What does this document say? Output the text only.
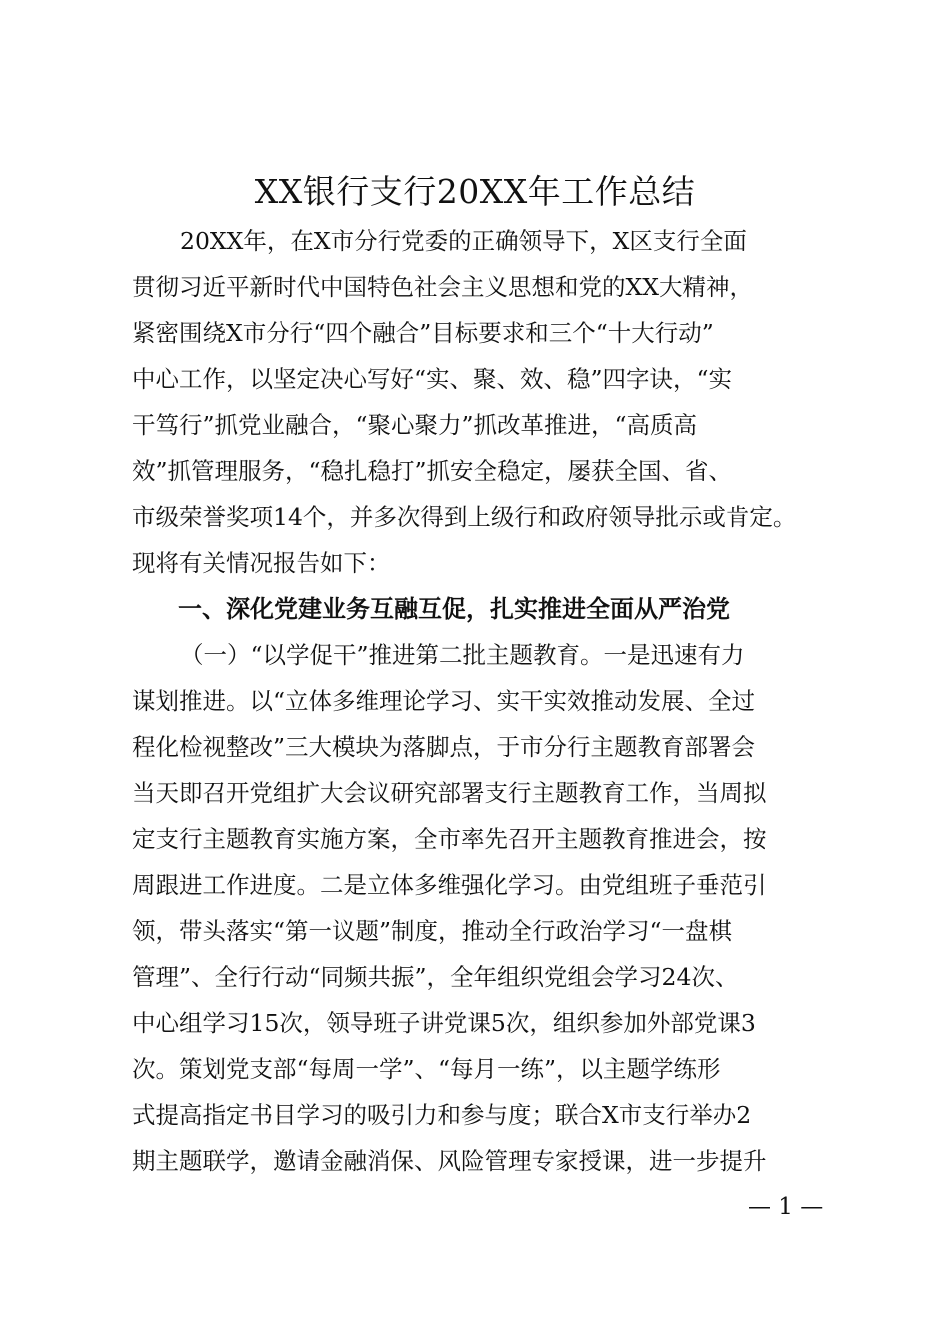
XX银行支行20XX年工作总结
20XX年，在X市分行党委的正确领导下，X区支行全面
贯彻习近平新时代中国特色社会主义思想和党的XX大精神，
紧密围绕X市分行“四个融合”目标要求和三个“十大行动”
中心工作，以坚定决心写好“实、聚、效、稳”四字诀，“实
干笃行”抓党业融合，“聚心聚力”抓改革推进，“高质高
效”抓管理服务，“稳扎稳打”抓安全稳定，屡获全国、省、
市级荣誉奖项14个，并多次得到上级行和政府领导批示或肯定。
现将有关情况报告如下：
一、深化党建业务互融互促，扎实推进全面从严治党
（一）“以学促干”推进第二批主题教育。一是迅速有力
谋划推进。以“立体多维理论学习、实干实效推动发展、全过
程化检视整改”三大模块为落脚点，于市分行主题教育部署会
当天即召开党组扩大会议研究部署支行主题教育工作，当周拟
定支行主题教育实施方案，全市率先召开主题教育推进会，按
周跟进工作进度。二是立体多维强化学习。由党组班子垂范引
领，带头落实“第一议题”制度，推动全行政治学习“一盘棋
管理”、全行行动“同频共振”，全年组织党组会学习24次、
中心组学习15次，领导班子讲党课5次，组织参加外部党课3
次。策划党支部“每周一学”、“每月一练”，以主题学练形
式提高指定书目学习的吸引力和参与度；联合X市支行举办2
期主题联学，邀请金融消保、风险管理专家授课，进一步提升
— 1 —
